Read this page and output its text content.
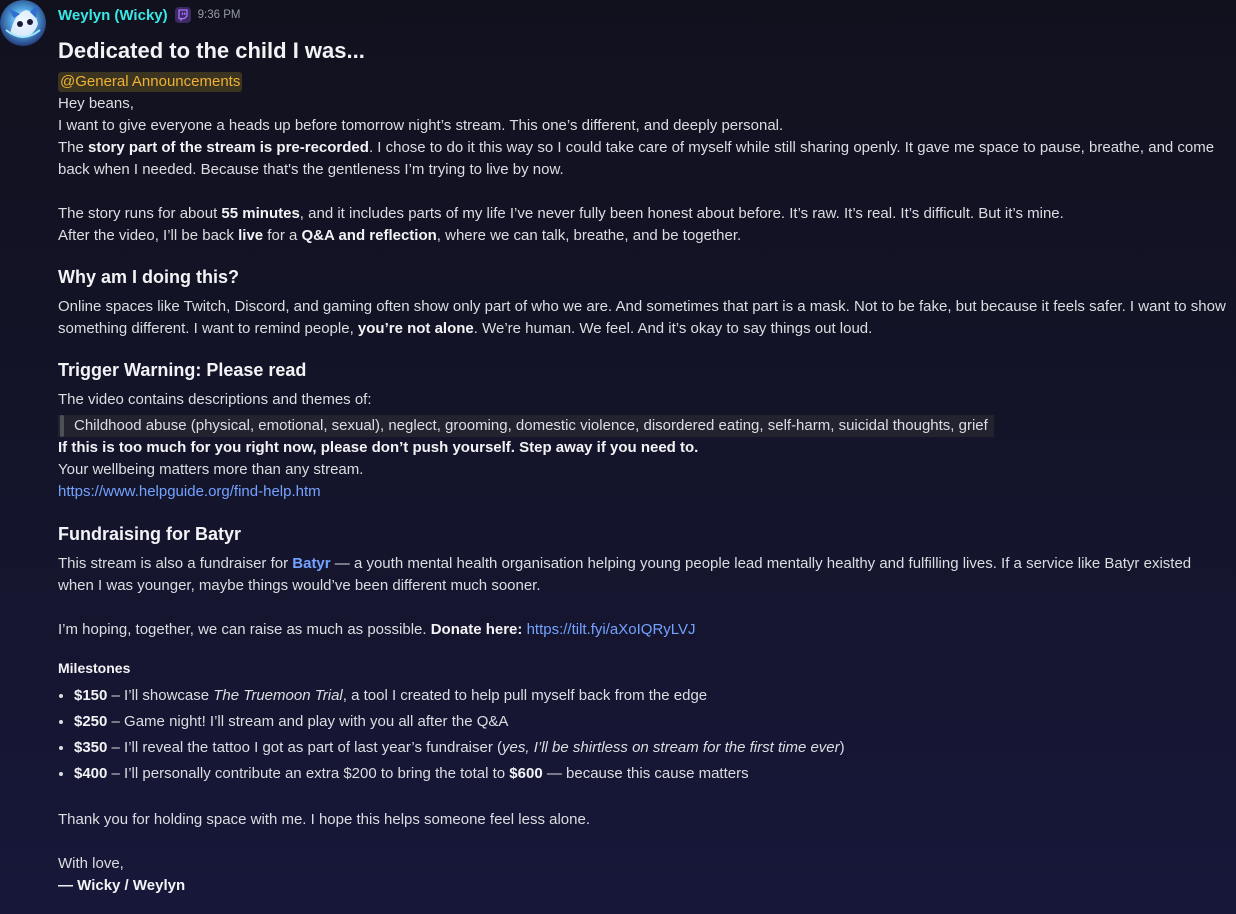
Weylyn (Wicky)	9:36 PM
Dedicated to the child I was...
@General Announcements

Hey beans,

I want to give everyone a heads up before tomorrow night’s stream. This one’s different, and deeply personal.

The story part of the stream is pre-recorded. I chose to do it this way so I could take care of myself while still sharing openly. It gave me space to pause, breathe, and come back when I needed. Because that's the gentleness I’m trying to live by now.

The story runs for about 55 minutes, and it includes parts of my life I’ve never fully been honest about before. It’s raw. It’s real. It’s difficult. But it’s mine.

After the video, I’ll be back live for a Q&A and reflection, where we can talk, breathe, and be together.

Why am I doing this?

Online spaces like Twitch, Discord, and gaming often show only part of who we are. And sometimes that part is a mask. Not to be fake, but because it feels safer. I want to show something different. I want to remind people, you’re not alone. We’re human. We feel. And it’s okay to say things out loud.

Trigger Warning: Please read

The video contains descriptions and themes of:

Childhood abuse (physical, emotional, sexual), neglect, grooming, domestic violence, disordered eating, self-harm, suicidal thoughts, grief

If this is too much for you right now, please don’t push yourself. Step away if you need to.

Your wellbeing matters more than any stream.

https://www.helpguide.org/find-help.htm

Fundraising for Batyr

This stream is also a fundraiser for Batyr — a youth mental health organisation helping young people lead mentally healthy and fulfilling lives. If a service like Batyr existed when I was younger, maybe things would’ve been different much sooner.

I’m hoping, together, we can raise as much as possible. Donate here: https://tilt.fyi/aXoIQRyLVJ

Milestones
• $150 – I’ll showcase The Truemoon Trial, a tool I created to help pull myself back from the edge
• $250 – Game night! I’ll stream and play with you all after the Q&A
• $350 – I’ll reveal the tattoo I got as part of last year’s fundraiser (yes, I’ll be shirtless on stream for the first time ever)
• $400 – I’ll personally contribute an extra $200 to bring the total to $600 — because this cause matters

Thank you for holding space with me. I hope this helps someone feel less alone.

With love,

— Wicky / Weylyn
